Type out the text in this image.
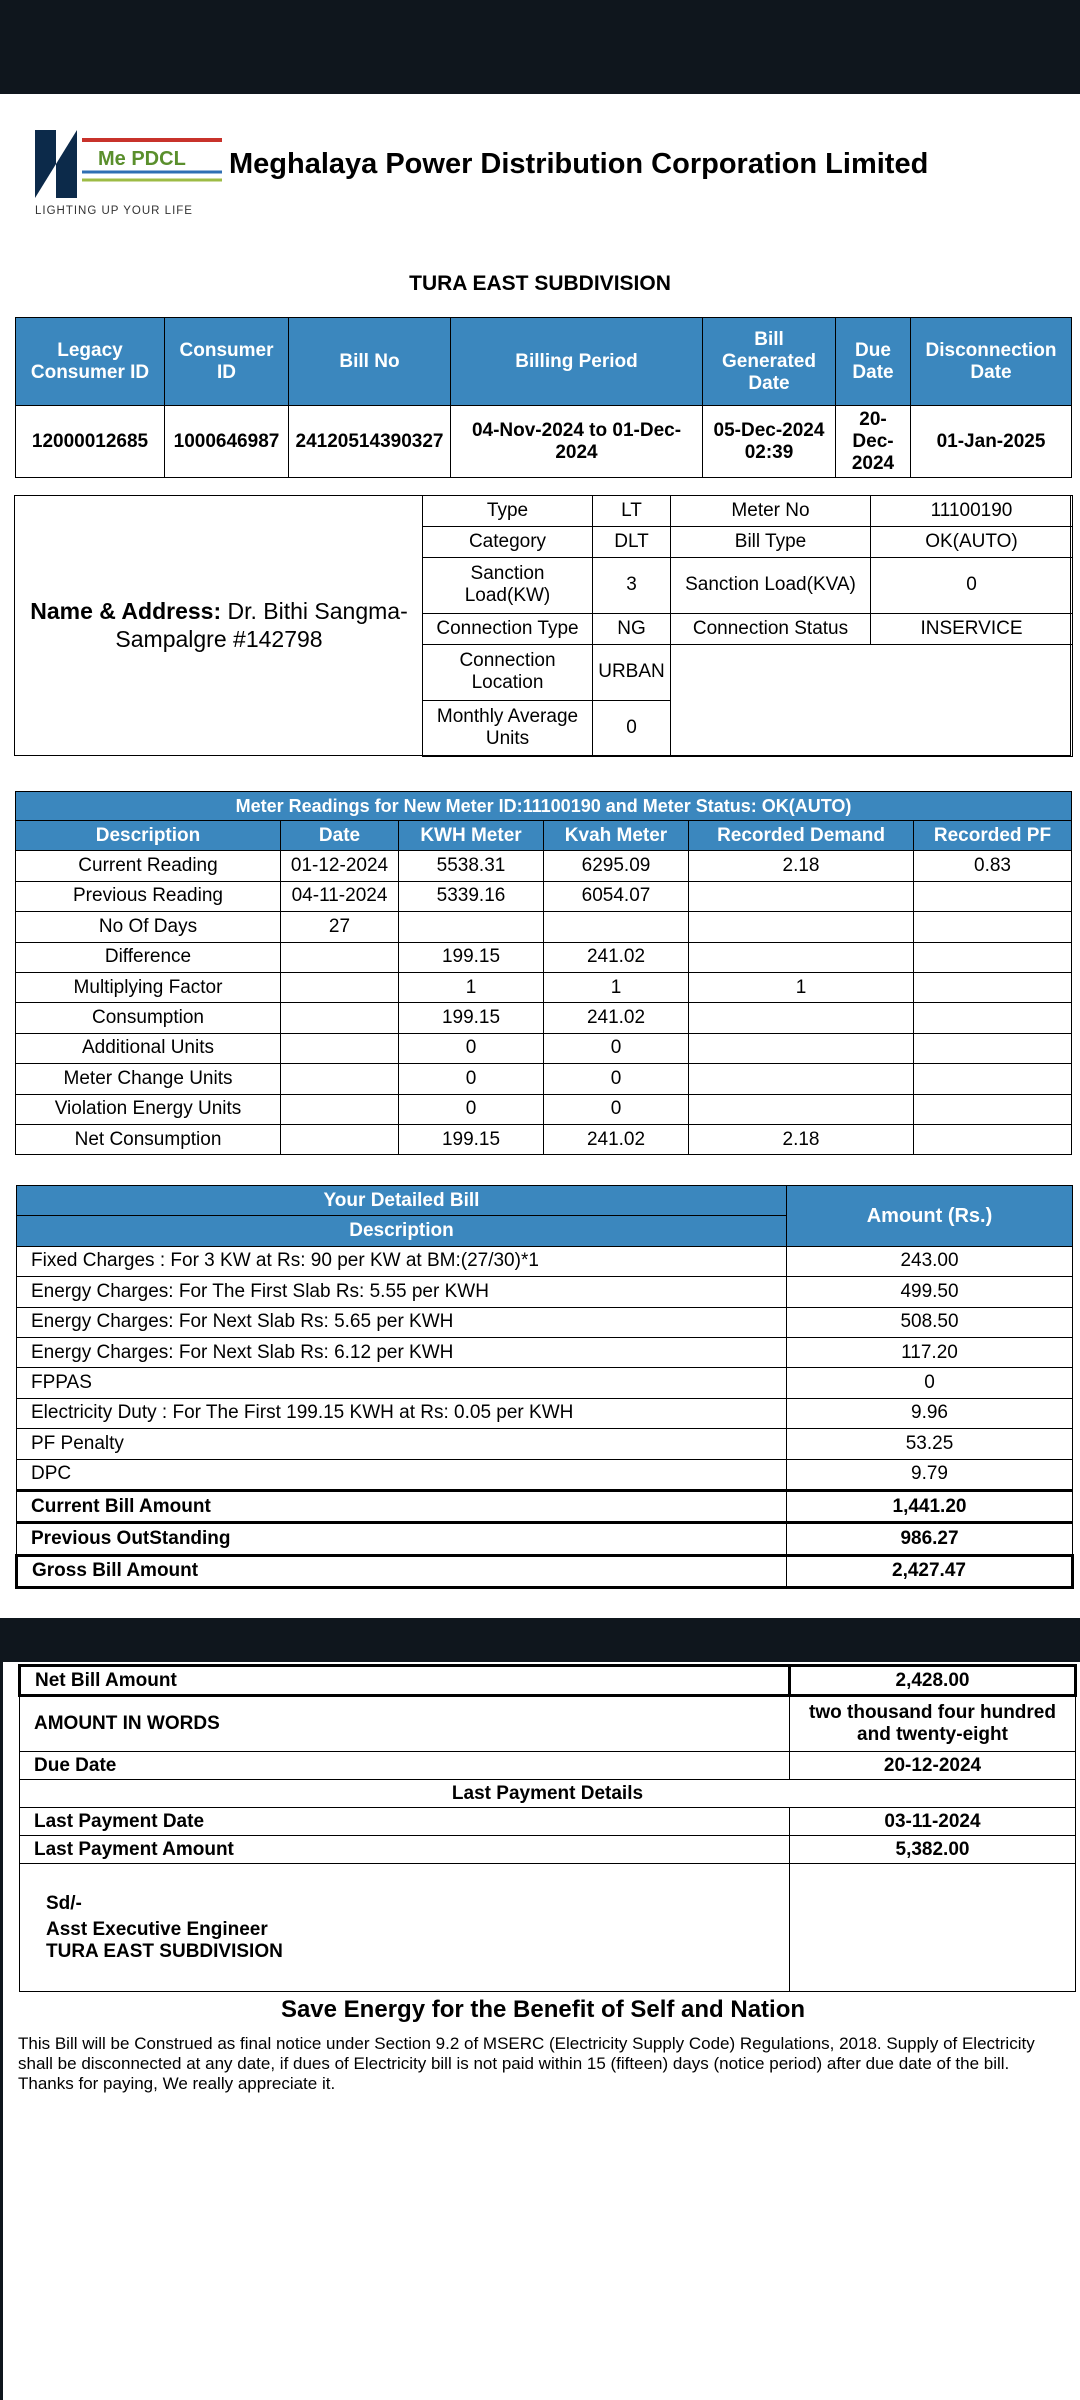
Me PDCL
LIGHTING UP YOUR LIFE
Meghalaya Power Distribution Corporation Limited
TURA EAST SUBDIVISION
Legacy Consumer ID	Consumer ID	Bill No	Billing Period	Bill Generated Date	Due Date	Disconnection Date
12000012685	1000646987	24120514390327	04-Nov-2024 to 01-Dec-2024	05-Dec-2024 02:39	20-Dec-2024	01-Jan-2025
Name & Address: Dr. Bithi Sangma- Sampalgre #142798
Type	LT	Meter No	11100190
Category	DLT	Bill Type	OK(AUTO)
Sanction Load(KW)	3	Sanction Load(KVA)	0
Connection Type	NG	Connection Status	INSERVICE
Connection Location	URBAN		
Monthly Average Units	0		
Meter Readings for New Meter ID:11100190 and Meter Status: OK(AUTO)					
Description	Date	KWH Meter	Kvah Meter	Recorded Demand	Recorded PF
Current Reading	01-12-2024	5538.31	6295.09	2.18	0.83
Previous Reading	04-11-2024	5339.16	6054.07		
No Of Days	27				
Difference		199.15	241.02		
Multiplying Factor		1	1	1	
Consumption		199.15	241.02		
Additional Units		0	0		
Meter Change Units		0	0		
Violation Energy Units		0	0		
Net Consumption		199.15	241.02	2.18	
Your Detailed Bill	Amount (Rs.)
Description	
Fixed Charges : For 3 KW at Rs: 90 per KW at BM:(27/30)*1	243.00
Energy Charges: For The First Slab Rs: 5.55 per KWH	499.50
Energy Charges: For Next Slab Rs: 5.65 per KWH	508.50
Energy Charges: For Next Slab Rs: 6.12 per KWH	117.20
FPPAS	0
Electricity Duty : For The First 199.15 KWH at Rs: 0.05 per KWH	9.96
PF Penalty	53.25
DPC	9.79
Current Bill Amount	1,441.20
Previous OutStanding	986.27
Gross Bill Amount	2,427.47
Net Bill Amount	2,428.00
AMOUNT IN WORDS	two thousand four hundred and twenty-eight
Due Date	20-12-2024
Last Payment Details	
Last Payment Date	03-11-2024
Last Payment Amount	5,382.00

Sd/-
Asst Executive Engineer
TURA EAST SUBDIVISION	

Save Energy for the Benefit of Self and Nation
This Bill will be Construed as final notice under Section 9.2 of MSERC (Electricity Supply Code) Regulations, 2018. Supply of Electricity shall be disconnected at any date, if dues of Electricity bill is not paid within 15 (fifteen) days (notice period) after due date of the bill. Thanks for paying, We really appreciate it.
